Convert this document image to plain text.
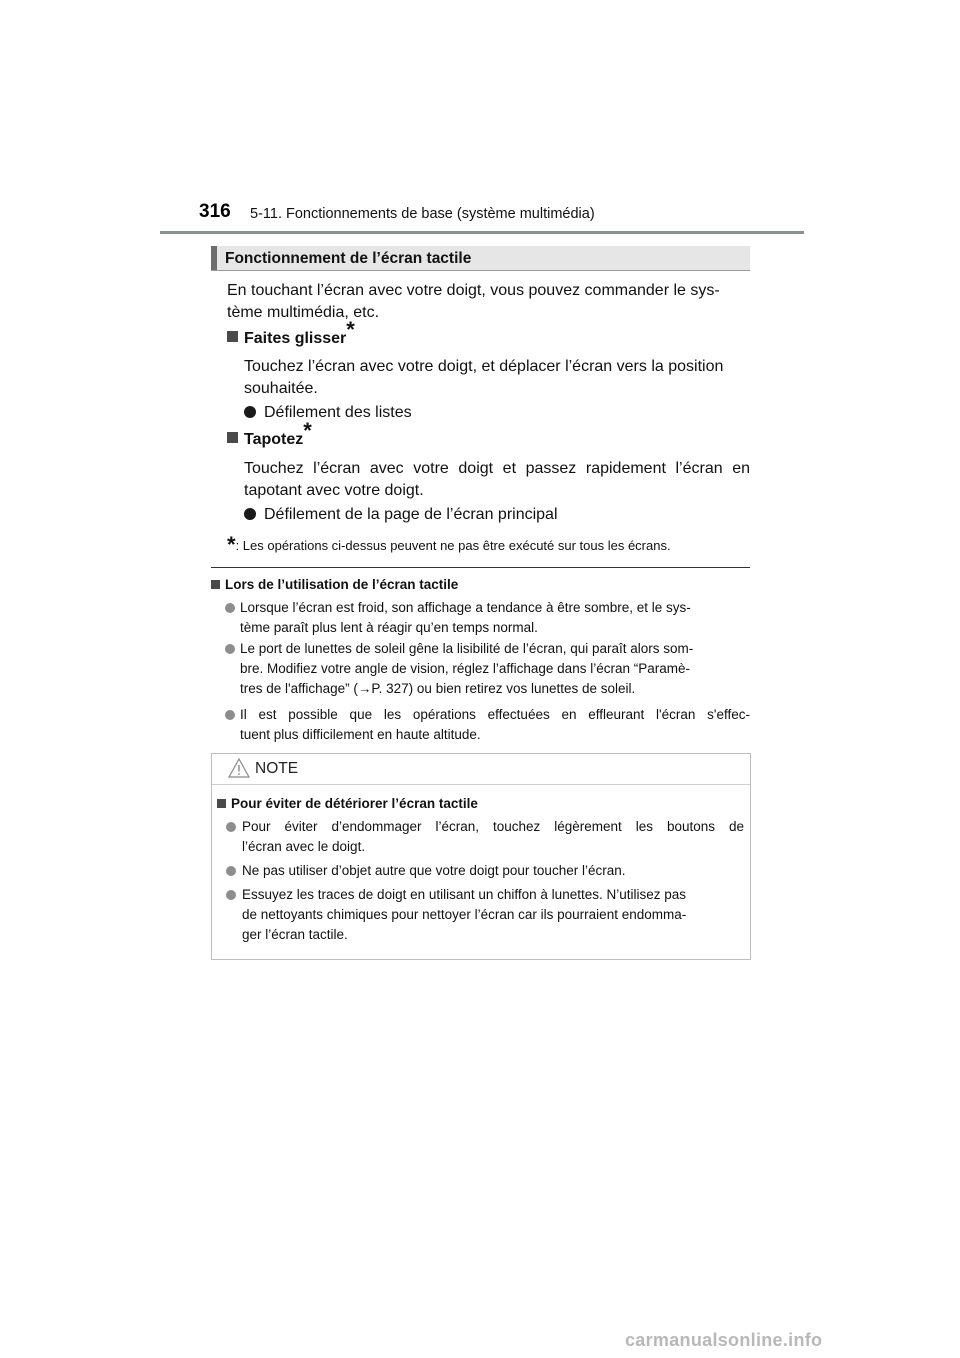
316 5-11. Fonctionnements de base (système multimédia)
Fonctionnement de l’écran tactile
En touchant l’écran avec votre doigt, vous pouvez commander le sys-
tème multimédia, etc.
Faites glisser*
Touchez l’écran avec votre doigt, et déplacer l’écran vers la position
souhaitée.
Défilement des listes
Tapotez*
Touchez l’écran avec votre doigt et passez rapidement l’écran en
tapotant avec votre doigt.
Défilement de la page de l’écran principal
*: Les opérations ci-dessus peuvent ne pas être exécuté sur tous les écrans.
Lors de l’utilisation de l’écran tactile
Lorsque l’écran est froid, son affichage a tendance à être sombre, et le sys-
tème paraît plus lent à réagir qu’en temps normal.
Le port de lunettes de soleil gêne la lisibilité de l’écran, qui paraît alors som-
bre. Modifiez votre angle de vision, réglez l’affichage dans l’écran “Paramè-
tres de l'affichage” (→P. 327) ou bien retirez vos lunettes de soleil.
Il est possible que les opérations effectuées en effleurant l'écran s'effec-
tuent plus difficilement en haute altitude.
NOTE
Pour éviter de détériorer l’écran tactile
Pour éviter d’endommager l’écran, touchez légèrement les boutons de
l’écran avec le doigt.
Ne pas utiliser d’objet autre que votre doigt pour toucher l’écran.
Essuyez les traces de doigt en utilisant un chiffon à lunettes. N’utilisez pas
de nettoyants chimiques pour nettoyer l’écran car ils pourraient endomma-
ger l’écran tactile.
carmanualsonline.info
